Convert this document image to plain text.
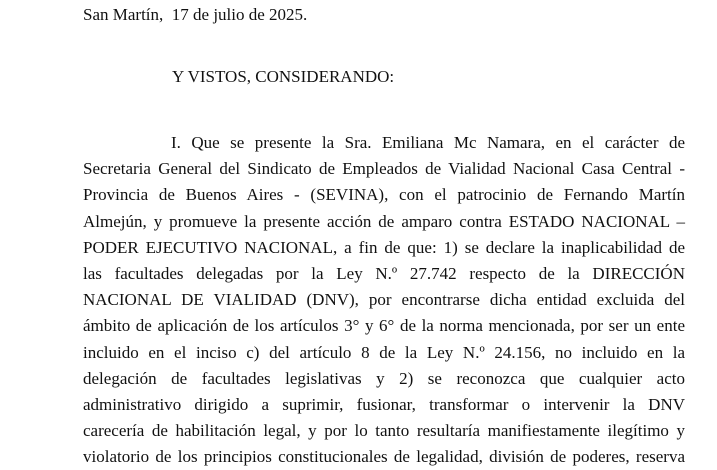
San Martín,  17 de julio de 2025.
Y VISTOS, CONSIDERANDO:
I. Que se presente la Sra. Emiliana Mc Namara, en el carácter de
Secretaria General del Sindicato de Empleados de Vialidad Nacional Casa Central -
Provincia de Buenos Aires - (SEVINA), con el patrocinio de Fernando Martín
Almejún, y promueve la presente acción de amparo contra ESTADO NACIONAL –
PODER EJECUTIVO NACIONAL, a fin de que: 1) se declare la inaplicabilidad de
las facultades delegadas por la Ley N.º 27.742 respecto de la DIRECCIÓN
NACIONAL DE VIALIDAD (DNV), por encontrarse dicha entidad excluida del
ámbito de aplicación de los artículos 3° y 6° de la norma mencionada, por ser un ente
incluido en el inciso c) del artículo 8 de la Ley N.º 24.156, no incluido en la
delegación de facultades legislativas y 2) se reconozca que cualquier acto
administrativo dirigido a suprimir, fusionar, transformar o intervenir la DNV
carecería de habilitación legal, y por lo tanto resultaría manifiestamente ilegítimo y
violatorio de los principios constitucionales de legalidad, división de poderes, reserva
